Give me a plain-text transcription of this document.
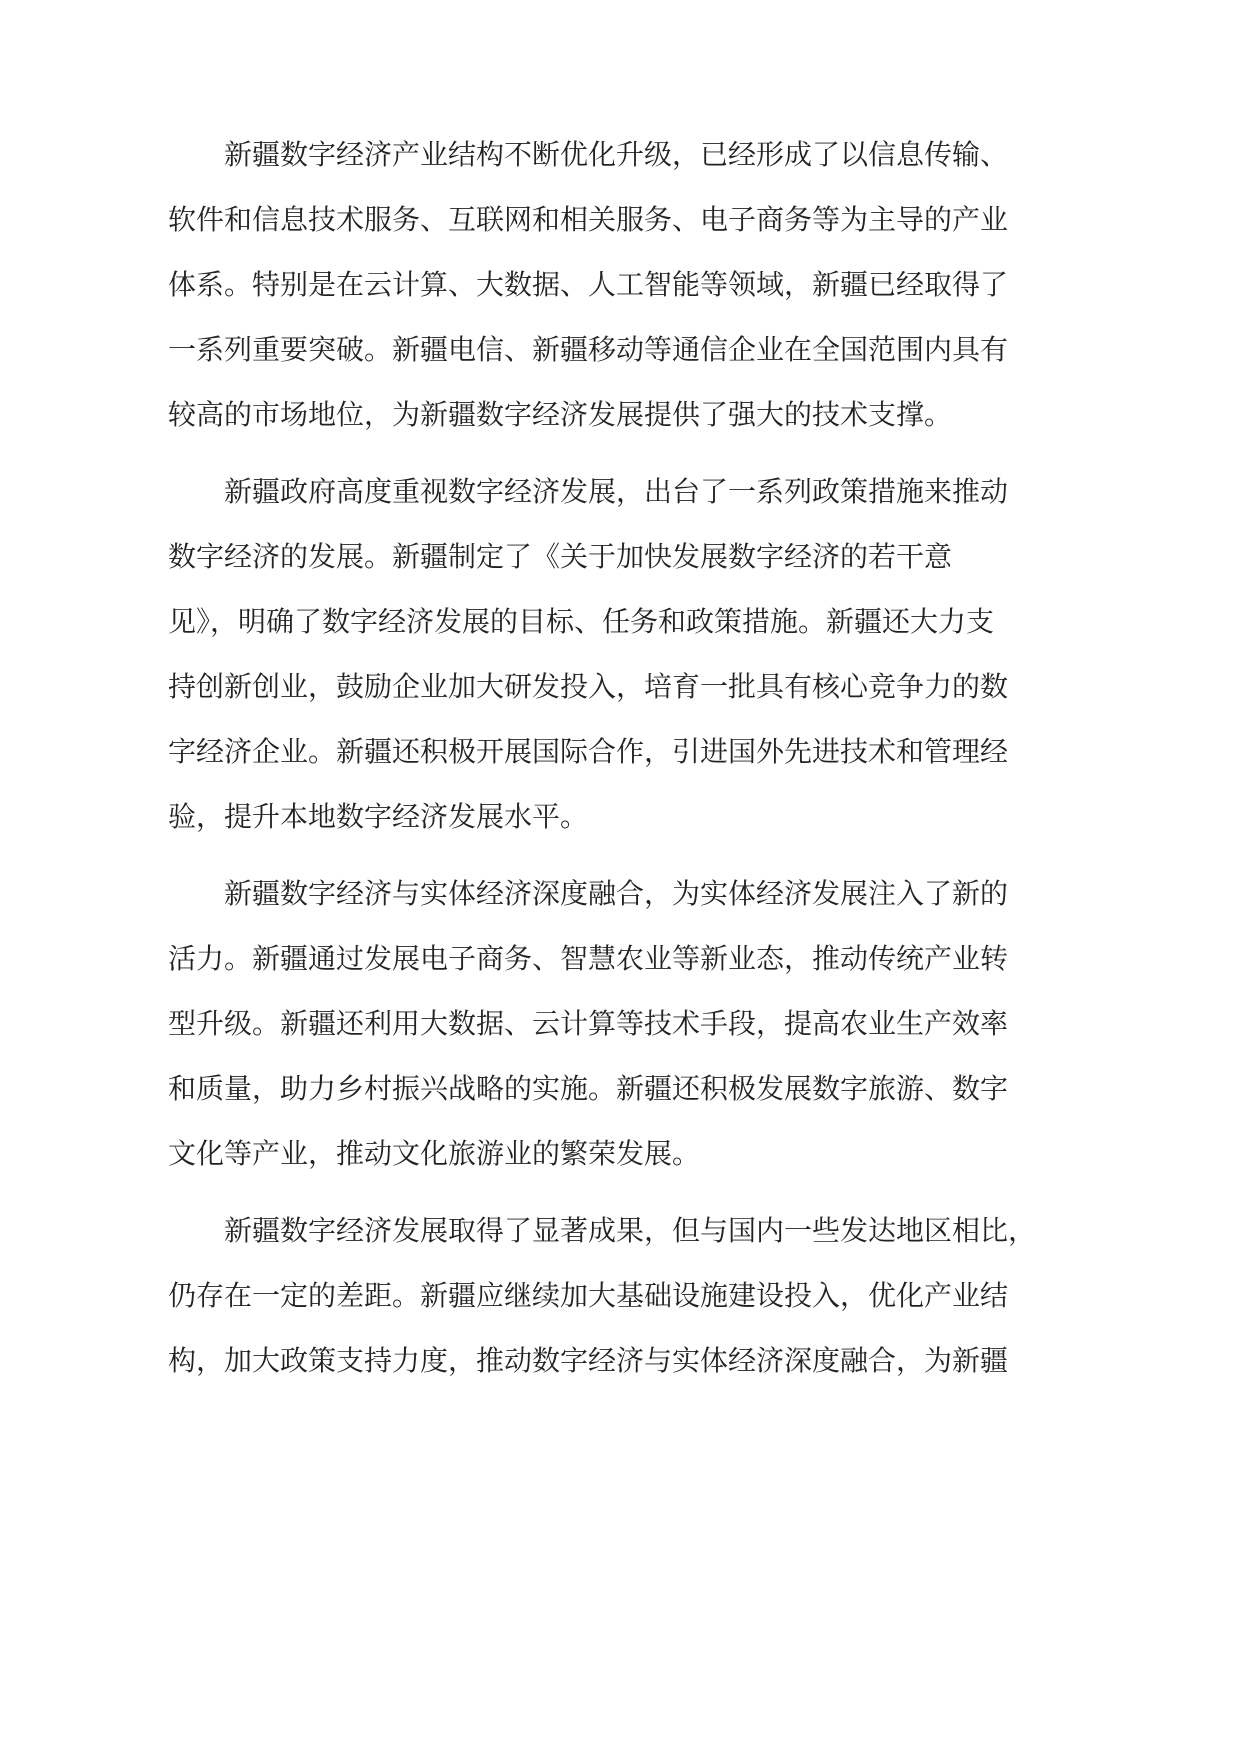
新疆数字经济产业结构不断优化升级，已经形成了以信息传输、
软件和信息技术服务、互联网和相关服务、电子商务等为主导的产业
体系。特别是在云计算、大数据、人工智能等领域，新疆已经取得了
一系列重要突破。新疆电信、新疆移动等通信企业在全国范围内具有
较高的市场地位，为新疆数字经济发展提供了强大的技术支撑。
新疆政府高度重视数字经济发展，出台了一系列政策措施来推动
数字经济的发展。新疆制定了《关于加快发展数字经济的若干意
见》，明确了数字经济发展的目标、任务和政策措施。新疆还大力支
持创新创业，鼓励企业加大研发投入，培育一批具有核心竞争力的数
字经济企业。新疆还积极开展国际合作，引进国外先进技术和管理经
验，提升本地数字经济发展水平。
新疆数字经济与实体经济深度融合，为实体经济发展注入了新的
活力。新疆通过发展电子商务、智慧农业等新业态，推动传统产业转
型升级。新疆还利用大数据、云计算等技术手段，提高农业生产效率
和质量，助力乡村振兴战略的实施。新疆还积极发展数字旅游、数字
文化等产业，推动文化旅游业的繁荣发展。
新疆数字经济发展取得了显著成果，但与国内一些发达地区相比，
仍存在一定的差距。新疆应继续加大基础设施建设投入，优化产业结
构，加大政策支持力度，推动数字经济与实体经济深度融合，为新疆
